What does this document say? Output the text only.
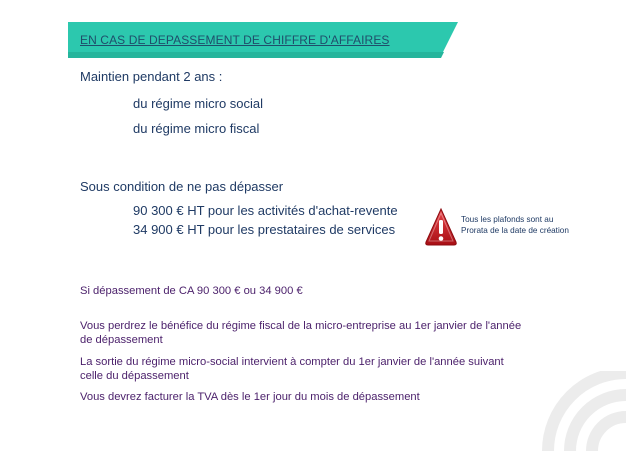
EN CAS DE DEPASSEMENT DE CHIFFRE D'AFFAIRES
Maintien pendant 2 ans :
du régime micro social
du régime micro fiscal
Sous condition de ne pas dépasser
90 300 € HT pour les activités d'achat-revente
34 900 € HT pour les prestataires de services
Tous les plafonds sont au
Prorata de la date de création
Si dépassement de CA 90 300 € ou 34 900 €
Vous perdrez le bénéfice du régime fiscal de la micro-entreprise au 1er janvier de l'année
de dépassement
La sortie du régime micro-social intervient à compter du 1er janvier de l'année suivant
celle du dépassement
Vous devrez facturer la TVA dès le 1er jour du mois de dépassement
